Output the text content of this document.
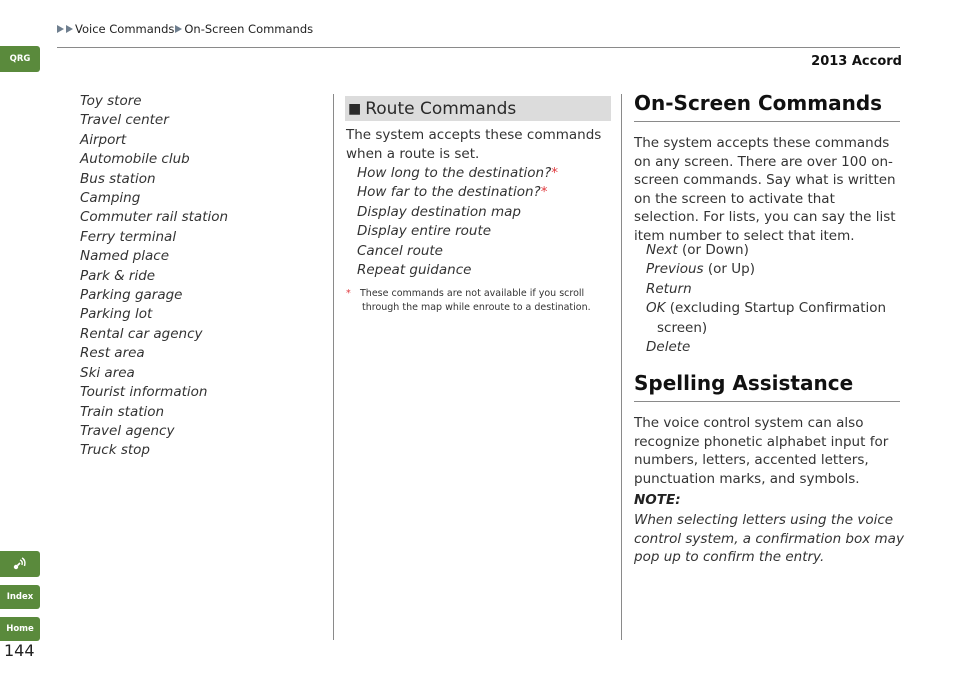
Voice Commands On-Screen Commands
2013 Accord
QRG
Index
Home
144
Toy store
Travel center
Airport
Automobile club
Bus station
Camping
Commuter rail station
Ferry terminal
Named place
Park & ride
Parking garage
Parking lot
Rental car agency
Rest area
Ski area
Tourist information
Train station
Travel agency
Truck stop
■ Route Commands
The system accepts these commands when a route is set.
How long to the destination?*
How far to the destination?*
Display destination map
Display entire route
Cancel route
Repeat guidance
* These commands are not available if you scroll
through the map while enroute to a destination.
On-Screen Commands
The system accepts these commands on any screen. There are over 100 on-screen commands. Say what is written on the screen to activate that selection. For lists, you can say the list item number to select that item.
Next (or Down)
Previous (or Up)
Return
OK (excluding Startup Confirmation
screen)
Delete
Spelling Assistance
The voice control system can also recognize phonetic alphabet input for numbers, letters, accented letters, punctuation marks, and symbols.
NOTE:
When selecting letters using the voice control system, a confirmation box may pop up to confirm the entry.
